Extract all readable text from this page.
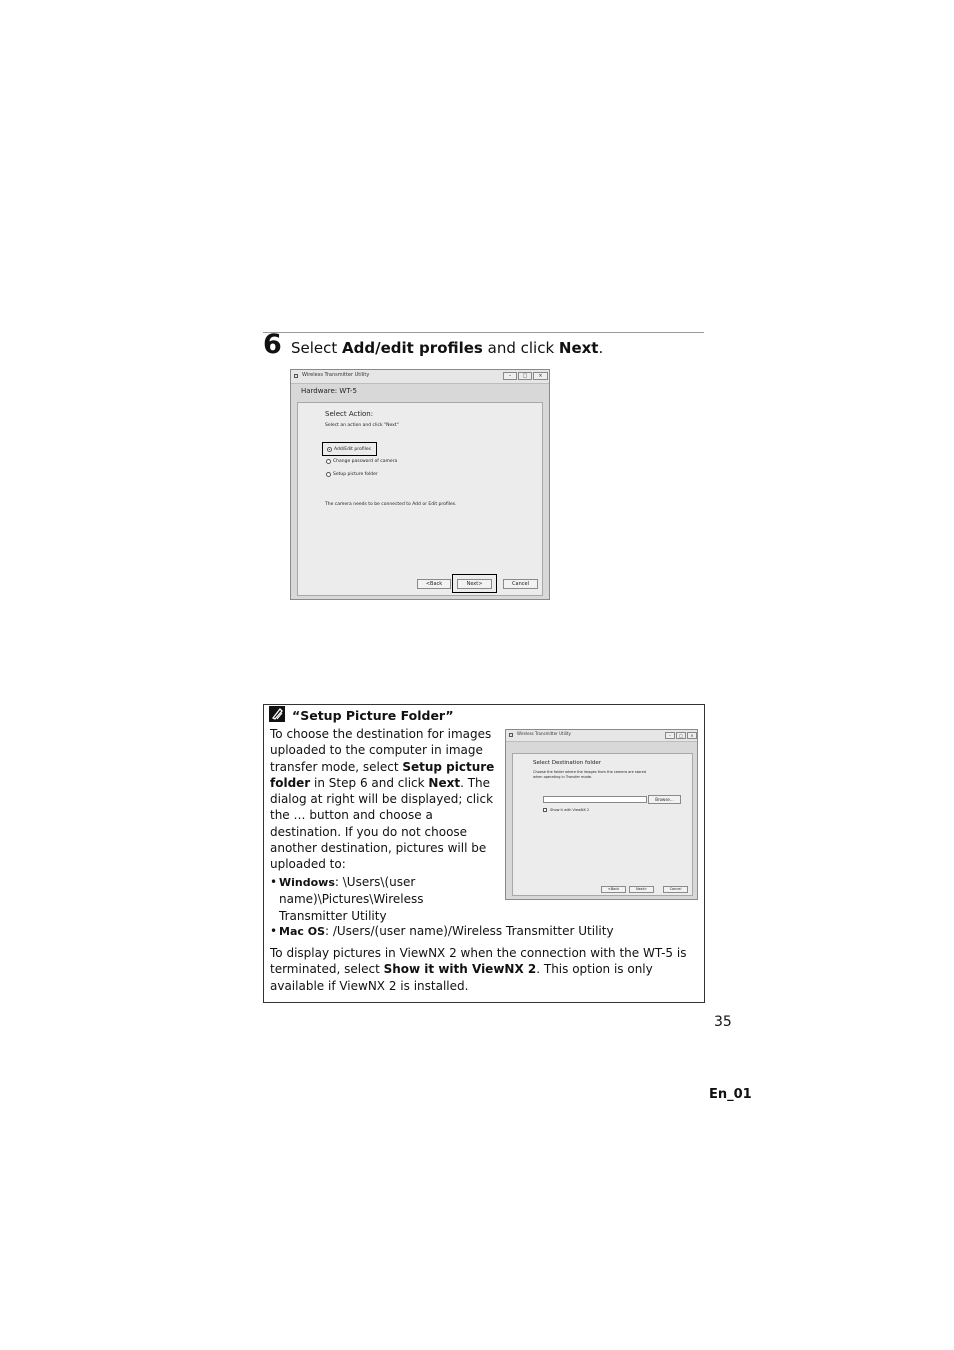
6 Select Add/edit profiles and click Next.
Wireless Transmitter Utility	–	□	×
Hardware: WT-5
Select Action:
Select an action and click "Next"
Add/Edit profiles
Change password of camera
Setup picture folder
The camera needs to be connected to Add or Edit profiles.
<Back	Next>	Cancel
“Setup Picture Folder”
To choose the destination for images uploaded to the computer in image transfer mode, select Setup picture folder in Step 6 and click Next. The dialog at right will be displayed; click the … button and choose a destination. If you do not choose another destination, pictures will be uploaded to:
• Windows: \Users\(user name)\Pictures\Wireless Transmitter Utility
• Mac OS: /Users/(user name)/Wireless Transmitter Utility
To display pictures in ViewNX 2 when the connection with the WT-5 is terminated, select Show it with ViewNX 2. This option is only available if ViewNX 2 is installed.
Wireless Transmitter Utility	–	□	×
Select Destination folder
Choose the folder where the images from the camera are stored when operating in Transfer mode.
Browse...
Show it with ViewNX 2
<Back	Next>	Cancel
35
En_01
